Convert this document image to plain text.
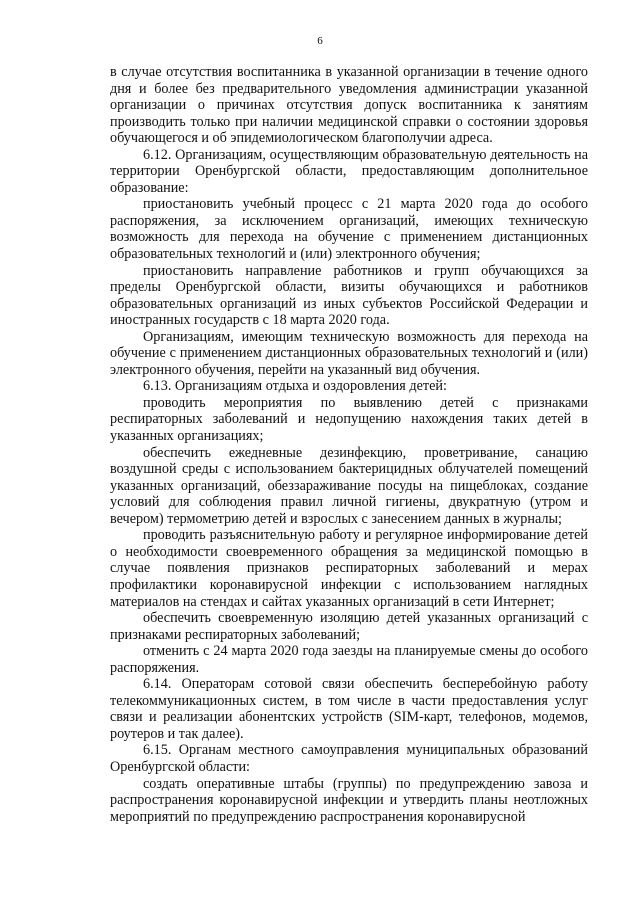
6

в случае отсутствия воспитанника в указанной организации в течение одного дня и более без предварительного уведомления администрации указанной организации о причинах отсутствия допуск воспитанника к занятиям производить только при наличии медицинской справки о состоянии здоровья обучающегося и об эпидемиологическом благополучии адреса.

6.12. Организациям, осуществляющим образовательную деятельность на территории Оренбургской области, предоставляющим дополнительное образование:

приостановить учебный процесс с 21 марта 2020 года до особого распоряжения, за исключением организаций, имеющих техническую возможность для перехода на обучение с применением дистанционных образовательных технологий и (или) электронного обучения;

приостановить направление работников и групп обучающихся за пределы Оренбургской области, визиты обучающихся и работников образовательных организаций из иных субъектов Российской Федерации и иностранных государств с 18 марта 2020 года.

Организациям, имеющим техническую возможность для перехода на обучение с применением дистанционных образовательных технологий и (или) электронного обучения, перейти на указанный вид обучения.

6.13. Организациям отдыха и оздоровления детей:

проводить мероприятия по выявлению детей с признаками респираторных заболеваний и недопущению нахождения таких детей в указанных организациях;

обеспечить ежедневные дезинфекцию, проветривание, санацию воздушной среды с использованием бактерицидных облучателей помещений указанных организаций, обеззараживание посуды на пищеблоках, создание условий для соблюдения правил личной гигиены, двукратную (утром и вечером) термометрию детей и взрослых с занесением данных в журналы;

проводить разъяснительную работу и регулярное информирование детей о необходимости своевременного обращения за медицинской помощью в случае появления признаков респираторных заболеваний и мерах профилактики коронавирусной инфекции с использованием наглядных материалов на стендах и сайтах указанных организаций в сети Интернет;

обеспечить своевременную изоляцию детей указанных организаций с признаками респираторных заболеваний;

отменить с 24 марта 2020 года заезды на планируемые смены до особого распоряжения.

6.14. Операторам сотовой связи обеспечить бесперебойную работу телекоммуникационных систем, в том числе в части предоставления услуг связи и реализации абонентских устройств (SIM-карт, телефонов, модемов, роутеров и так далее).

6.15. Органам местного самоуправления муниципальных образований Оренбургской области:

создать оперативные штабы (группы) по предупреждению завоза и распространения коронавирусной инфекции и утвердить планы неотложных мероприятий по предупреждению распространения коронавирусной
